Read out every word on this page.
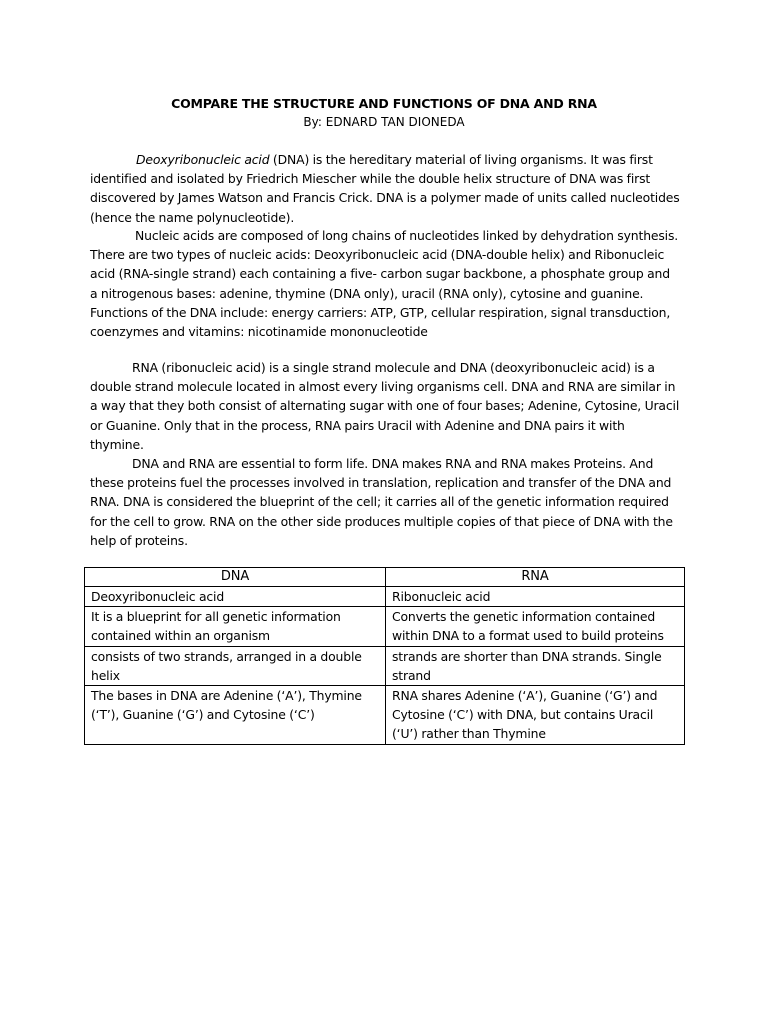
COMPARE THE STRUCTURE AND FUNCTIONS OF DNA AND RNA
By: EDNARD TAN DIONEDA

Deoxyribonucleic acid (DNA) is the hereditary material of living organisms. It was first identified and isolated by Friedrich Miescher while the double helix structure of DNA was first discovered by James Watson and Francis Crick. DNA is a polymer made of units called nucleotides (hence the name polynucleotide).

Nucleic acids are composed of long chains of nucleotides linked by dehydration synthesis. There are two types of nucleic acids: Deoxyribonucleic acid (DNA-double helix) and Ribonucleic acid (RNA-single strand) each containing a five- carbon sugar backbone, a phosphate group and a nitrogenous bases: adenine, thymine (DNA only), uracil (RNA only), cytosine and guanine. Functions of the DNA include: energy carriers: ATP, GTP, cellular respiration, signal transduction, coenzymes and vitamins: nicotinamide mononucleotide

RNA (ribonucleic acid) is a single strand molecule and DNA (deoxyribonucleic acid) is a double strand molecule located in almost every living organisms cell. DNA and RNA are similar in a way that they both consist of alternating sugar with one of four bases; Adenine, Cytosine, Uracil or Guanine. Only that in the process, RNA pairs Uracil with Adenine and DNA pairs it with thymine.

DNA and RNA are essential to form life. DNA makes RNA and RNA makes Proteins. And these proteins fuel the processes involved in translation, replication and transfer of the DNA and RNA. DNA is considered the blueprint of the cell; it carries all of the genetic information required for the cell to grow. RNA on the other side produces multiple copies of that piece of DNA with the help of proteins.

DNA	RNA
Deoxyribonucleic acid	Ribonucleic acid
It is a blueprint for all genetic information contained within an organism	Converts the genetic information contained within DNA to a format used to build proteins
consists of two strands, arranged in a double helix	strands are shorter than DNA strands. Single strand
The bases in DNA are Adenine (‘A’), Thymine (‘T’), Guanine (‘G’) and Cytosine (‘C’)	RNA shares Adenine (‘A’), Guanine (‘G’) and Cytosine (‘C’) with DNA, but contains Uracil (‘U’) rather than Thymine
